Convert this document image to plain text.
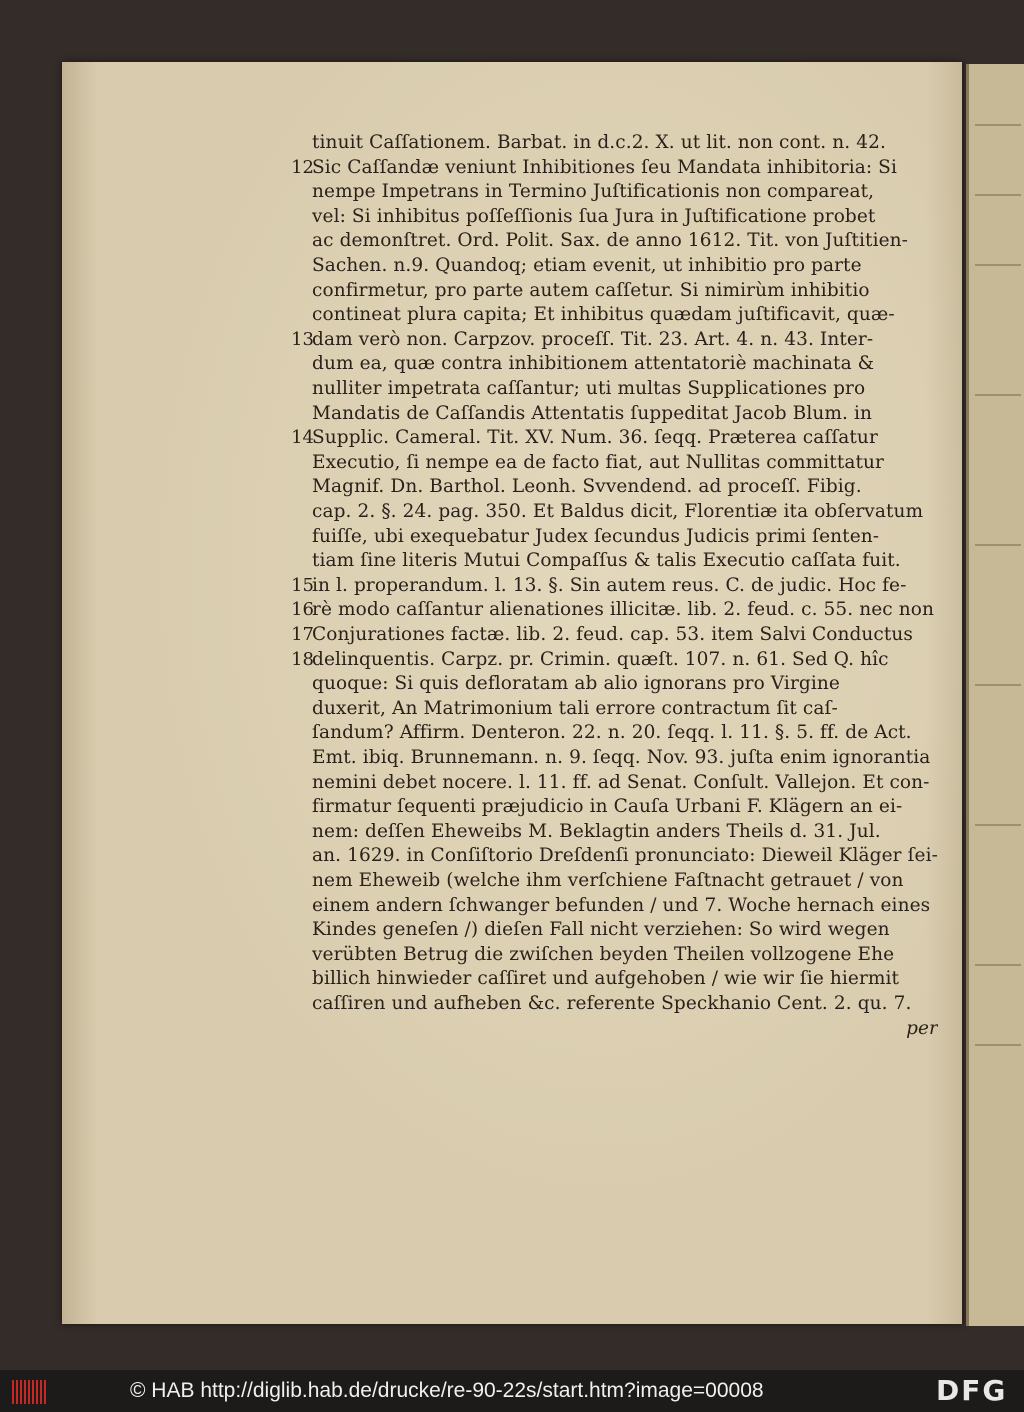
tinuit Caſſationem. Barbat. in d.c.2. X. ut lit. non cont. n. 42.
12
Sic Caſſandæ veniunt Inhibitiones ſeu Mandata inhibitoria: Si
nempe Impetrans in Termino Juſtificationis non compareat,
vel: Si inhibitus poſſeſſionis ſua Jura in Juſtificatione probet
ac demonſtret. Ord. Polit. Sax. de anno 1612. Tit. von Juſtitien-
Sachen. n.9. Quandoq; etiam evenit, ut inhibitio pro parte
confirmetur, pro parte autem caſſetur. Si nimirùm inhibitio
contineat plura capita; Et inhibitus quædam juſtificavit, quæ-
13
dam verò non. Carpzov. proceſſ. Tit. 23. Art. 4. n. 43. Inter-
dum ea, quæ contra inhibitionem attentatoriè machinata &
nulliter impetrata caſſantur; uti multas Supplicationes pro
Mandatis de Caſſandis Attentatis ſuppeditat Jacob Blum. in
14
Supplic. Cameral. Tit. XV. Num. 36. ſeqq. Præterea caſſatur
Executio, ſi nempe ea de facto fiat, aut Nullitas committatur
Magnif. Dn. Barthol. Leonh. Svvendend. ad proceſſ. Fibig.
cap. 2. §. 24. pag. 350. Et Baldus dicit, Florentiæ ita obſervatum
fuiſſe, ubi exequebatur Judex ſecundus Judicis primi ſenten-
tiam ſine literis Mutui Compaſſus & talis Executio caſſata fuit.
15
in l. properandum. l. 13. §. Sin autem reus. C. de judic. Hoc fe-
16
rè modo caſſantur alienationes illicitæ. lib. 2. feud. c. 55. nec non
17
Conjurationes factæ. lib. 2. feud. cap. 53. item Salvi Conductus
18
delinquentis. Carpz. pr. Crimin. quæſt. 107. n. 61. Sed Q. hîc
quoque: Si quis defloratam ab alio ignorans pro Virgine
duxerit, An Matrimonium tali errore contractum ſit caſ-
ſandum? Affirm. Denteron. 22. n. 20. ſeqq. l. 11. §. 5. ff. de Act.
Emt. ibiq. Brunnemann. n. 9. ſeqq. Nov. 93. juſta enim ignorantia
nemini debet nocere. l. 11. ff. ad Senat. Conſult. Vallejon. Et con-
firmatur ſequenti præjudicio in Cauſa Urbani F. Klägern an ei-
nem: deſſen Eheweibs M. Beklagtin anders Theils d. 31. Jul.
an. 1629. in Conſiſtorio Dreſdenſi pronunciato: Dieweil Kläger ſei-
nem Eheweib (welche ihm verſchiene Faſtnacht getrauet / von
einem andern ſchwanger befunden / und 7. Woche hernach eines
Kindes geneſen /) dieſen Fall nicht verziehen: So wird wegen
verübten Betrug die zwiſchen beyden Theilen vollzogene Ehe
billich hinwieder caſſiret und aufgehoben / wie wir ſie hiermit
caſſiren und aufheben &c. referente Speckhanio Cent. 2. qu. 7.
per
© HAB http://diglib.hab.de/drucke/re-90-22s/start.htm?image=00008	DFG
